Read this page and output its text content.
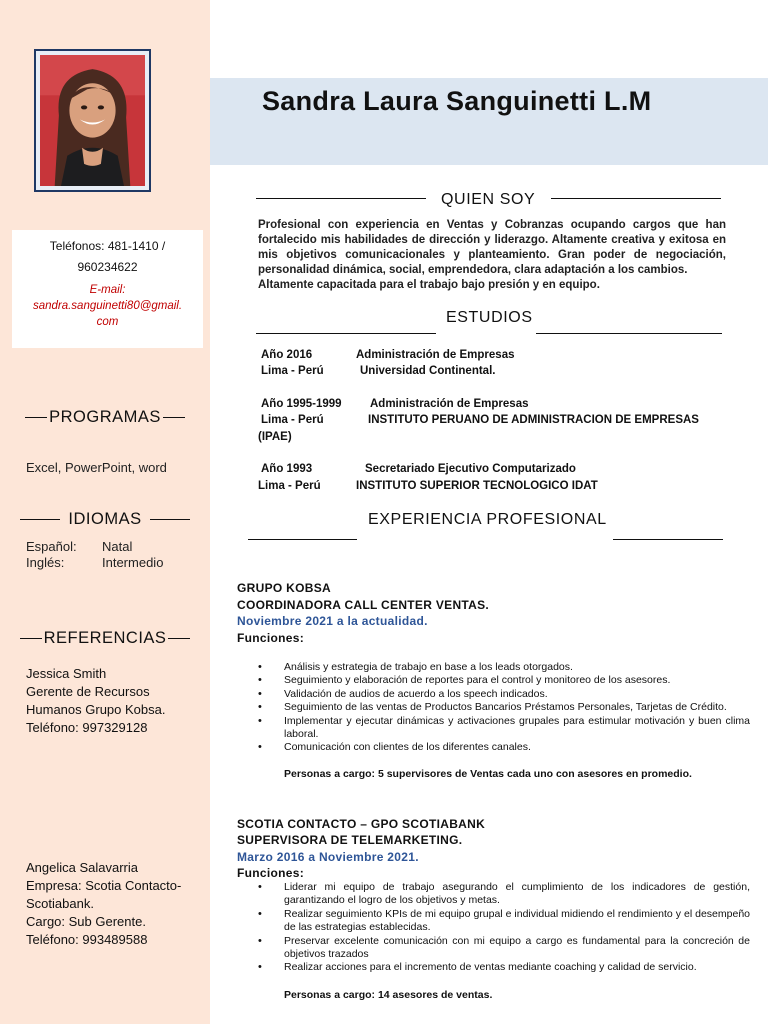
Sandra Laura Sanguinetti L.M
Teléfonos: 481-1410 /
960234622
E-mail:
sandra.sanguinetti80@gmail.
com
PROGRAMAS
Excel, PowerPoint, word
IDIOMAS
Español: Natal
Inglés:	Intermedio
REFERENCIAS
Jessica Smith
Gerente de Recursos
Humanos Grupo Kobsa.
Teléfono: 997329128
Angelica Salavarria
Empresa: Scotia Contacto-
Scotiabank.
Cargo: Sub Gerente.
Teléfono: 993489588
QUIEN SOY

Profesional con experiencia en Ventas y Cobranzas ocupando cargos que han fortalecido mis habilidades de dirección y liderazgo. Altamente creativa y exitosa en mis objetivos comunicacionales y planteamiento. Gran poder de negociación, personalidad dinámica, social, emprendedora, clara adaptación a los cambios.

Altamente capacitada para el trabajo bajo presión y en equipo.

ESTUDIOS
Año 2016	Administración de Empresas
Lima - Perú	Universidad Continental.
Año 1995-1999 Administración de Empresas
Lima - Perú	INSTITUTO PERUANO DE ADMINISTRACION DE EMPRESAS
(IPAE)
Año 1993	Secretariado Ejecutivo Computarizado
Lima - Perú	INSTITUTO SUPERIOR TECNOLOGICO IDAT
EXPERIENCIA PROFESIONAL
GRUPO KOBSA
COORDINADORA CALL CENTER VENTAS.
Noviembre 2021 a la actualidad.
Funciones:
• Análisis y estrategia de trabajo en base a los leads otorgados.
• Seguimiento y elaboración de reportes para el control y monitoreo de los asesores.
• Validación de audios de acuerdo a los speech indicados.
• Seguimiento de las ventas de Productos Bancarios Préstamos Personales, Tarjetas de Crédito.
• Implementar y ejecutar dinámicas y activaciones grupales para estimular motivación y buen clima laboral.
• Comunicación con clientes de los diferentes canales.
Personas a cargo: 5 supervisores de Ventas cada uno con asesores en promedio.
SCOTIA CONTACTO – GPO SCOTIABANK
SUPERVISORA DE TELEMARKETING.
Marzo 2016 a Noviembre 2021.
Funciones:
• Liderar mi equipo de trabajo asegurando el cumplimiento de los indicadores de gestión, garantizando el logro de los objetivos y metas.
• Realizar seguimiento KPIs de mi equipo grupal e individual midiendo el rendimiento y el desempeño de las estrategias establecidas.
• Preservar excelente comunicación con mi equipo a cargo es fundamental para la concreción de objetivos trazados
• Realizar acciones para el incremento de ventas mediante coaching y calidad de servicio.
Personas a cargo: 14 asesores de ventas.
